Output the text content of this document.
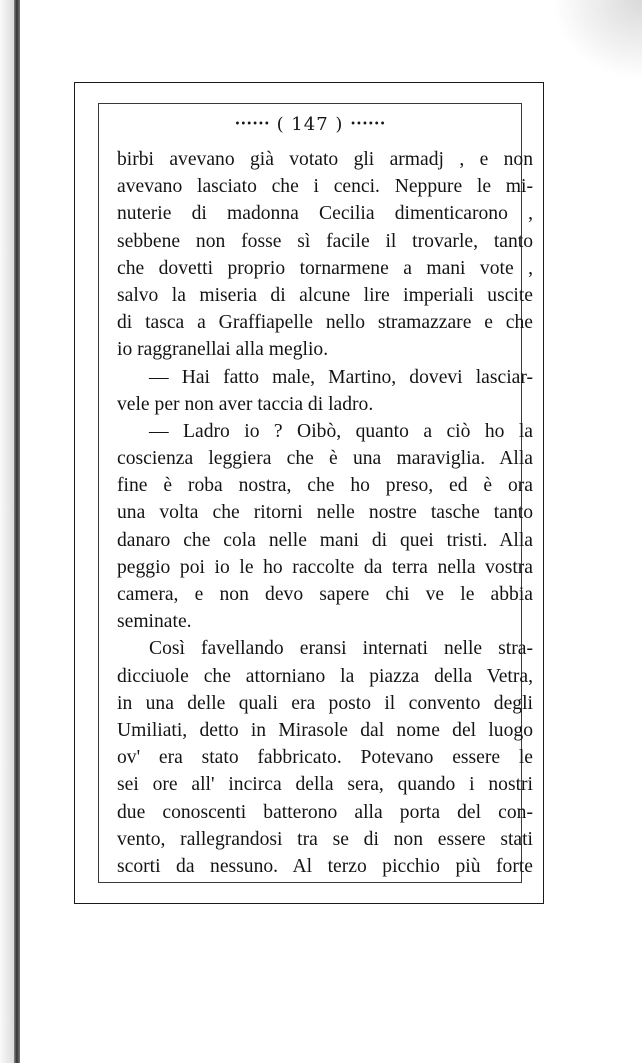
•••••• ( 147 ) ••••••
birbi avevano già votato gli armadj , e non
avevano lasciato che i cenci. Neppure le mi-
nuterie di madonna Cecilia dimenticarono ,
sebbene non fosse sì facile il trovarle, tanto
che dovetti proprio tornarmene a mani vote ,
salvo la miseria di alcune lire imperiali uscite
di tasca a Graffiapelle nello stramazzare e che
io raggranellai alla meglio.
— Hai fatto male, Martino, dovevi lasciar-
vele per non aver taccia di ladro.
— Ladro io ? Oibò, quanto a ciò ho la
coscienza leggiera che è una maraviglia. Alla
fine è roba nostra, che ho preso, ed è ora
una volta che ritorni nelle nostre tasche tanto
danaro che cola nelle mani di quei tristi. Alla
peggio poi io le ho raccolte da terra nella vostra
camera, e non devo sapere chi ve le abbia
seminate.
Così favellando eransi internati nelle stra-
dicciuole che attorniano la piazza della Vetra,
in una delle quali era posto il convento degli
Umiliati, detto in Mirasole dal nome del luogo
ov' era stato fabbricato. Potevano essere le
sei ore all' incirca della sera, quando i nostri
due conoscenti batterono alla porta del con-
vento, rallegrandosi tra se di non essere stati
scorti da nessuno. Al terzo picchio più forte
